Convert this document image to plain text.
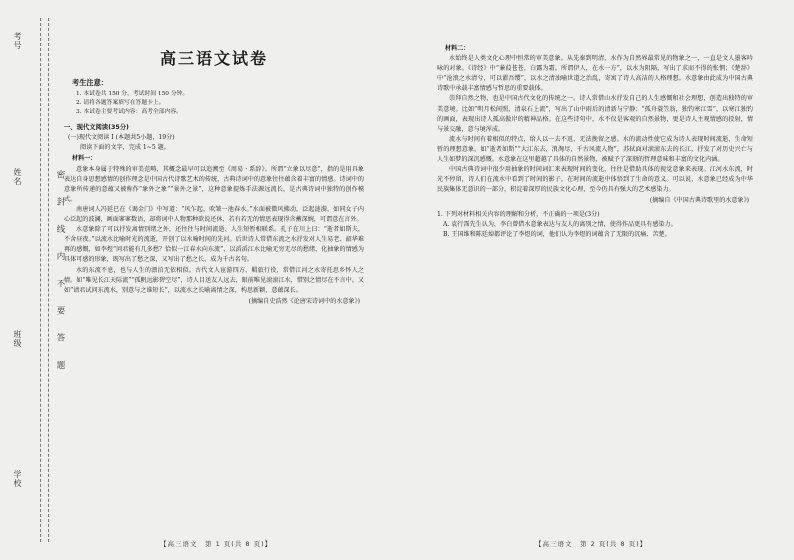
考号
姓名
班级
学校
密 封 线 内 不 要 答 题
高三语文试卷
考生注意：
1. 本试卷共 150 分，考试时间 150 分钟。
2. 请将各题答案填写在答题卡上。
3. 本试卷主要考试内容：高考全部内容。
一、现代文阅读(35分)
(一)现代文阅读 I (本题共5小题，19分)
阅读下面的文字，完成 1~5 题。
材料一：

意象本身属于特殊的审美范畴，其概念最早可以追溯至《周易 · 系辞》。所谓“立象以尽意”，指的是用具象表达自身思想感情的创作理念是中国古代诗歌艺术的传统，古典诗词中的意象往往蕴含着丰富的情感。诗词中的意象所传递的意蕴又被称作“象外之象”“景外之景”，这种意象提炼手法源远流长，是古典诗词中独特的创作模式。

南唐词人冯延巳在《谒金门》中写道：“风乍起，吹皱一池春水。”水面被微风拂动，泛起涟漪，如同女子内心泛起的波澜，画面寥寥数语，却将词中人物那种欲说还休、若有若无的情思表现得含蓄深婉，可谓意在言外。

水意象除了可以抒发离情别绪之外，还往往与时间流逝、人生短暂相联系。孔子在川上曰：“逝者如斯夫，不舍昼夜。”以流水比喻时光的流逝，开创了以水喻时间的先河。后世诗人常借东流之水抒发对人生易老、韶华难再的感慨，如李煜“问君能有几多愁？恰似一江春水向东流”，以滔滔江水比喻无穷无尽的愁绪，化抽象的情感为具体可感的形象，既写出了愁之深，又写出了愁之长，成为千古名句。

水的东流不息，也与人生的漂泊无依相似。古代文人宦游四方、羁旅行役，常借江河之水寄托思乡怀人之情。如“唯见长江天际流”“孤帆远影碧空尽”，诗人目送友人远去，眼前唯见滚滚江水，惜别之情尽在不言中。又如“请君试问东流水，别意与之谁短长”，以流水之长喻离情之深，构思新颖，意蕴深长。

(摘编自史浩然《论唐宋诗词中的水意象》)
【高三语文　第 1 页(共 8 页)】
材料二：

水始终是人类文化心理中恒常的审美意象。从先秦到明清，水作为自然界最常见的物象之一，一直是文人墨客吟咏的对象。《诗经》中“蒹葭苍苍，白露为霜。所谓伊人，在水一方”，以水为阻隔，写出了求而不得的怅惘；《楚辞》中“沧浪之水清兮，可以濯吾缨”，以水之清浊喻世道之治乱，寄寓了诗人高洁的人格理想。水意象由此成为中国古典诗歌中承载丰富情感与哲思的重要载体。

崇拜自然之物，也是中国古代文化的传统之一。诗人常借山水抒发自己的人生感慨和社会理想，创造出独特的审美意境。比如“明月松间照，清泉石上流”，写出了山中雨后的清新与宁静；“孤舟蓑笠翁，独钓寒江雪”，以寒江独钓的画面，表现出诗人孤高傲岸的精神品格。在这些诗句中，水不仅是客观的自然景物，更是诗人主观情感的投射，情与景交融，意与境浑成。

流水与时间有着相似的特点，给人以一去不返、无法挽留之感。水的流动性使它成为诗人表现时间流逝、生命短暂的理想意象。如“逝者如斯”“大江东去，浪淘尽，千古风流人物”，苏轼面对滚滚东去的长江，抒发了对历史兴亡与人生如梦的深沉感慨。水意象在这里超越了具体的自然景物，被赋予了深刻的哲理意味和丰富的文化内涵。

中国古典诗词中很少用抽象的时间词汇来表现时间的变化，往往是借助具体的视觉意象来表现。江河水东流，时光不停留，诗人们在流水中看到了时间的影子，在时间的流逝中体悟到了生命的意义。可以说，水意象已经成为中华民族集体无意识的一部分，积淀着深厚的民族文化心理，至今仍具有强大的艺术感染力。

(摘编自《中国古典诗歌里的水意象》)
1. 下列对材料相关内容的理解和分析，不正确的一项是(3分)
A. 袁行霈先生认为，李白曾借水意象表达与友人的离别之情，使得作品更具有感染力。
B. 王国维和陈廷焯都评论了李煜的词，他们认为李煜的词蕴含了无限的沉痛、苦楚。
【高三语文　第 2 页(共 8 页)】
